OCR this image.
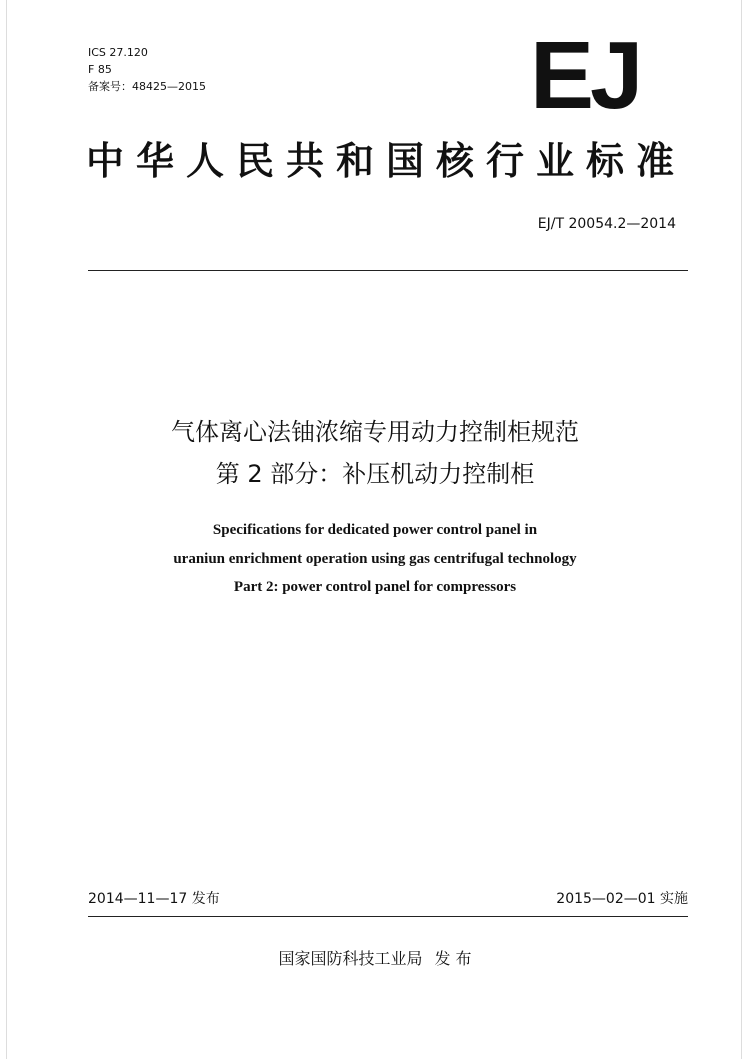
ICS 27.120
F 85
备案号：48425—2015	EJ
中华人民共和国核行业标准
EJ/T 20054.2—2014
气体离心法铀浓缩专用动力控制柜规范
第 2 部分：补压机动力控制柜
Specifications for dedicated power control panel in
uraniun enrichment operation using gas centrifugal technology
Part 2: power control panel for compressors
2014—11—17 发布	2015—02—01 实施
国家国防科技工业局 发 布
